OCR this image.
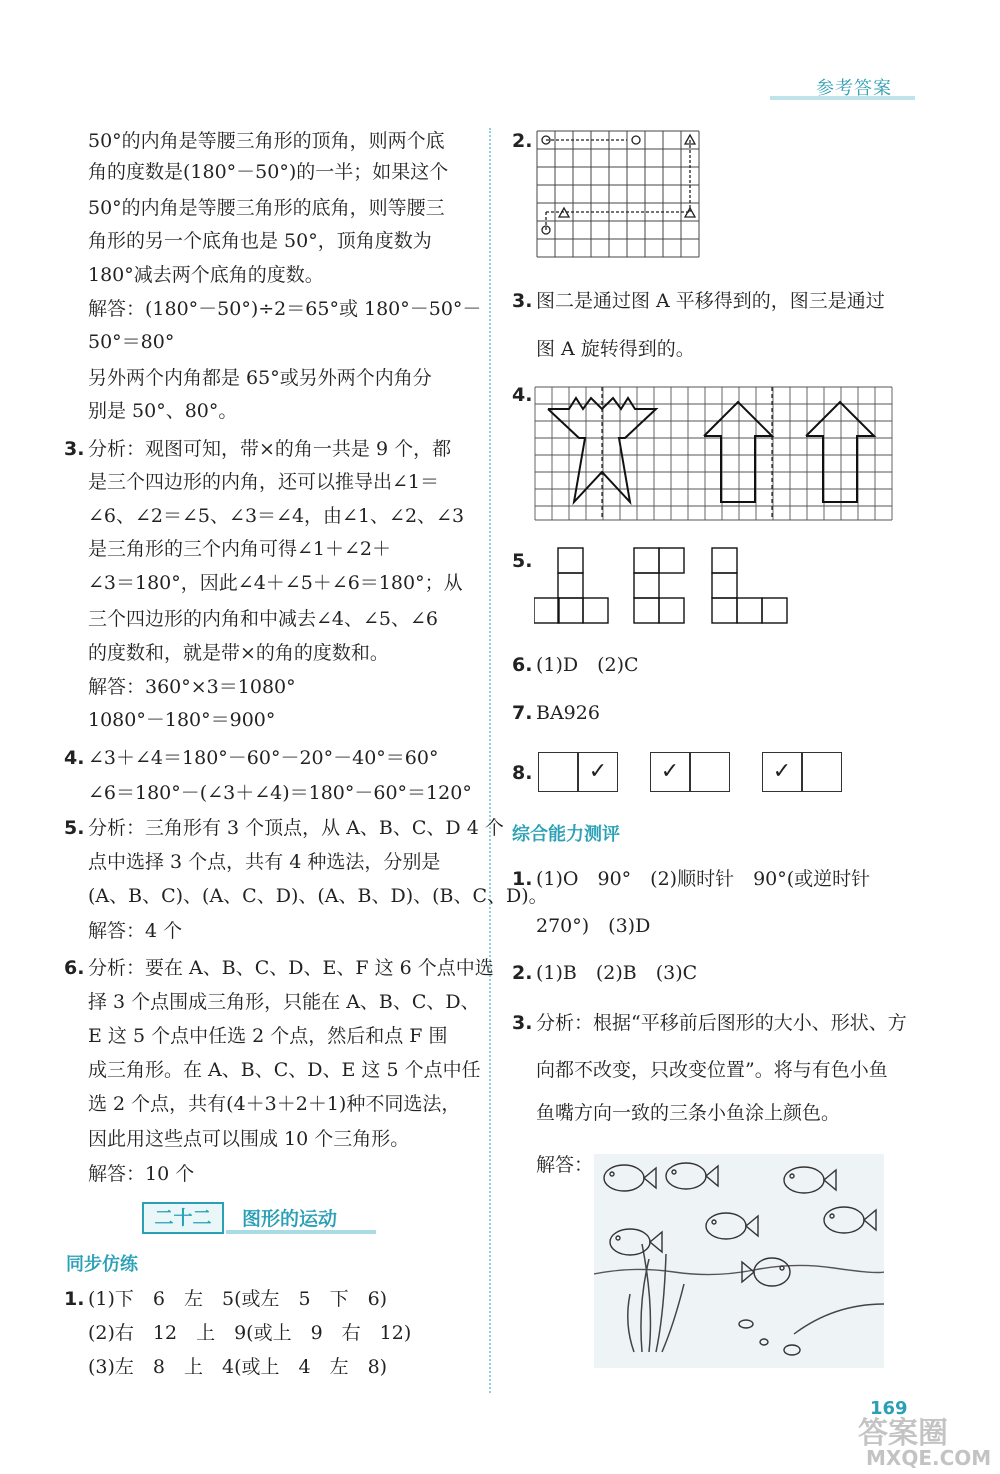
参考答案
50°的内角是等腰三角形的顶角，则两个底
角的度数是(180°－50°)的一半；如果这个
50°的内角是等腰三角形的底角，则等腰三
角形的另一个底角也是 50°，顶角度数为
180°减去两个底角的度数。
解答：(180°－50°)÷2＝65°或 180°－50°－
50°＝80°
另外两个内角都是 65°或另外两个内角分
别是 50°、80°。
3. 分析：观图可知，带×的角一共是 9 个，都
是三个四边形的内角，还可以推导出∠1＝
∠6、∠2＝∠5、∠3＝∠4，由∠1、∠2、∠3
是三角形的三个内角可得∠1＋∠2＋
∠3＝180°，因此∠4＋∠5＋∠6＝180°；从
三个四边形的内角和中减去∠4、∠5、∠6
的度数和，就是带×的角的度数和。
解答：360°×3＝1080°
1080°－180°＝900°
4. ∠3＋∠4＝180°－60°－20°－40°＝60°
∠6＝180°－(∠3＋∠4)＝180°－60°＝120°
5. 分析：三角形有 3 个顶点，从 A、B、C、D 4 个
点中选择 3 个点，共有 4 种选法，分别是
(A、B、C)、(A、C、D)、(A、B、D)、(B、C、D)。
解答：4 个
6. 分析：要在 A、B、C、D、E、F 这 6 个点中选
择 3 个点围成三角形，只能在 A、B、C、D、
E 这 5 个点中任选 2 个点，然后和点 F 围
成三角形。在 A、B、C、D、E 这 5 个点中任
选 2 个点，共有(4＋3＋2＋1)种不同选法，
因此用这些点可以围成 10 个三角形。
解答：10 个
二十二	图形的运动
同步仿练
1. (1)下　6　左　5(或左　5　下　6)
(2)右　12　上　9(或上　9　右　12)
(3)左　8　上　4(或上　4　左　8)
2.
3. 图二是通过图 A 平移得到的，图三是通过
图 A 旋转得到的。
4.
5.
6. (1)D　(2)C
7. BA926
8.	✓	✓	✓
综合能力测评
1. (1)O　90°　(2)顺时针　90°(或逆时针
270°)　(3)D
2. (1)B　(2)B　(3)C
3. 分析：根据“平移前后图形的大小、形状、方
向都不改变，只改变位置”。将与有色小鱼
鱼嘴方向一致的三条小鱼涂上颜色。
解答：
169
答案圈
MXQE.COM
